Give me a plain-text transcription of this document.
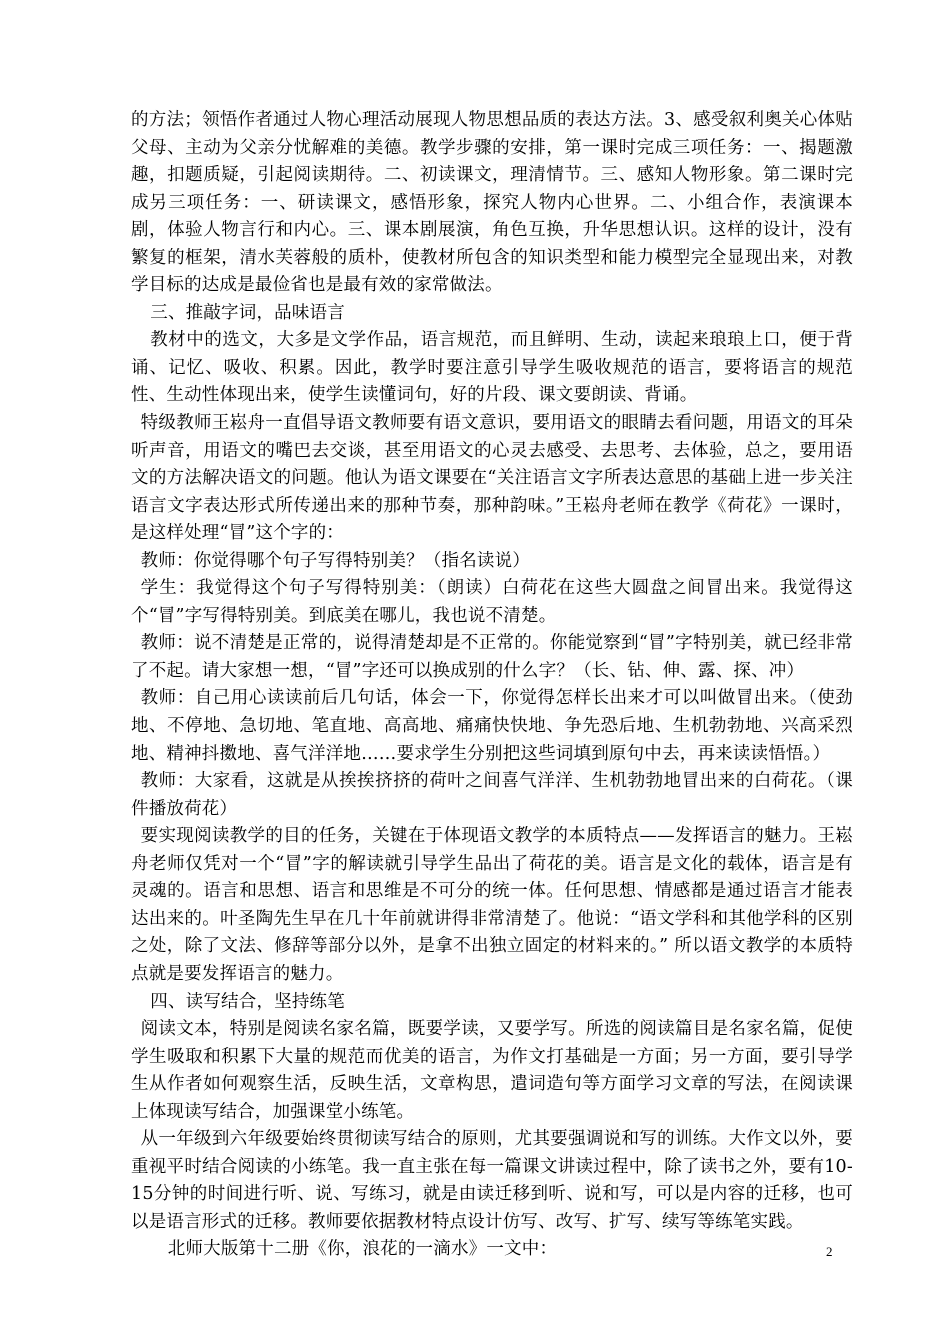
的方法；领悟作者通过人物心理活动展现人物思想品质的表达方法。3、感受叙利奥关心体贴父母、主动为父亲分忧解难的美德。教学步骤的安排，第一课时完成三项任务：一、揭题激趣，扣题质疑，引起阅读期待。二、初读课文，理清情节。三、感知人物形象。第二课时完成另三项任务：一、研读课文，感悟形象，探究人物内心世界。二、小组合作，表演课本剧，体验人物言行和内心。三、课本剧展演，角色互换，升华思想认识。这样的设计，没有繁复的框架，清水芙蓉般的质朴，使教材所包含的知识类型和能力模型完全显现出来，对教学目标的达成是最俭省也是最有效的家常做法。

三、推敲字词，品味语言

教材中的选文，大多是文学作品，语言规范，而且鲜明、生动，读起来琅琅上口，便于背诵、记忆、吸收、积累。因此，教学时要注意引导学生吸收规范的语言，要将语言的规范性、生动性体现出来，使学生读懂词句，好的片段、课文要朗读、背诵。

特级教师王崧舟一直倡导语文教师要有语文意识，要用语文的眼睛去看问题，用语文的耳朵听声音，用语文的嘴巴去交谈，甚至用语文的心灵去感受、去思考、去体验，总之，要用语文的方法解决语文的问题。他认为语文课要在“关注语言文字所表达意思的基础上进一步关注语言文字表达形式所传递出来的那种节奏，那种韵味。”王崧舟老师在教学《荷花》一课时，是这样处理“冒”这个字的：

教师：你觉得哪个句子写得特别美？（指名读说）

学生：我觉得这个句子写得特别美：（朗读）白荷花在这些大圆盘之间冒出来。我觉得这个“冒”字写得特别美。到底美在哪儿，我也说不清楚。

教师：说不清楚是正常的，说得清楚却是不正常的。你能觉察到“冒”字特别美，就已经非常了不起。请大家想一想，“冒”字还可以换成别的什么字？（长、钻、伸、露、探、冲）

教师：自己用心读读前后几句话，体会一下，你觉得怎样长出来才可以叫做冒出来。（使劲地、不停地、急切地、笔直地、高高地、痛痛快快地、争先恐后地、生机勃勃地、兴高采烈地、精神抖擞地、喜气洋洋地……要求学生分别把这些词填到原句中去，再来读读悟悟。）

教师：大家看，这就是从挨挨挤挤的荷叶之间喜气洋洋、生机勃勃地冒出来的白荷花。（课件播放荷花）

要实现阅读教学的目的任务，关键在于体现语文教学的本质特点——发挥语言的魅力。王崧舟老师仅凭对一个“冒”字的解读就引导学生品出了荷花的美。语言是文化的载体，语言是有灵魂的。语言和思想、语言和思维是不可分的统一体。任何思想、情感都是通过语言才能表达出来的。叶圣陶先生早在几十年前就讲得非常清楚了。他说：“语文学科和其他学科的区别之处，除了文法、修辞等部分以外，是拿不出独立固定的材料来的。” 所以语文教学的本质特点就是要发挥语言的魅力。

四、读写结合，坚持练笔

阅读文本，特别是阅读名家名篇，既要学读，又要学写。所选的阅读篇目是名家名篇，促使学生吸取和积累下大量的规范而优美的语言，为作文打基础是一方面；另一方面，要引导学生从作者如何观察生活，反映生活，文章构思，遣词造句等方面学习文章的写法，在阅读课上体现读写结合，加强课堂小练笔。

从一年级到六年级要始终贯彻读写结合的原则，尤其要强调说和写的训练。大作文以外，要重视平时结合阅读的小练笔。我一直主张在每一篇课文讲读过程中，除了读书之外，要有10-15分钟的时间进行听、说、写练习，就是由读迁移到听、说和写，可以是内容的迁移，也可以是语言形式的迁移。教师要依据教材特点设计仿写、改写、扩写、续写等练笔实践。

北师大版第十二册《你，浪花的一滴水》一文中：	2
